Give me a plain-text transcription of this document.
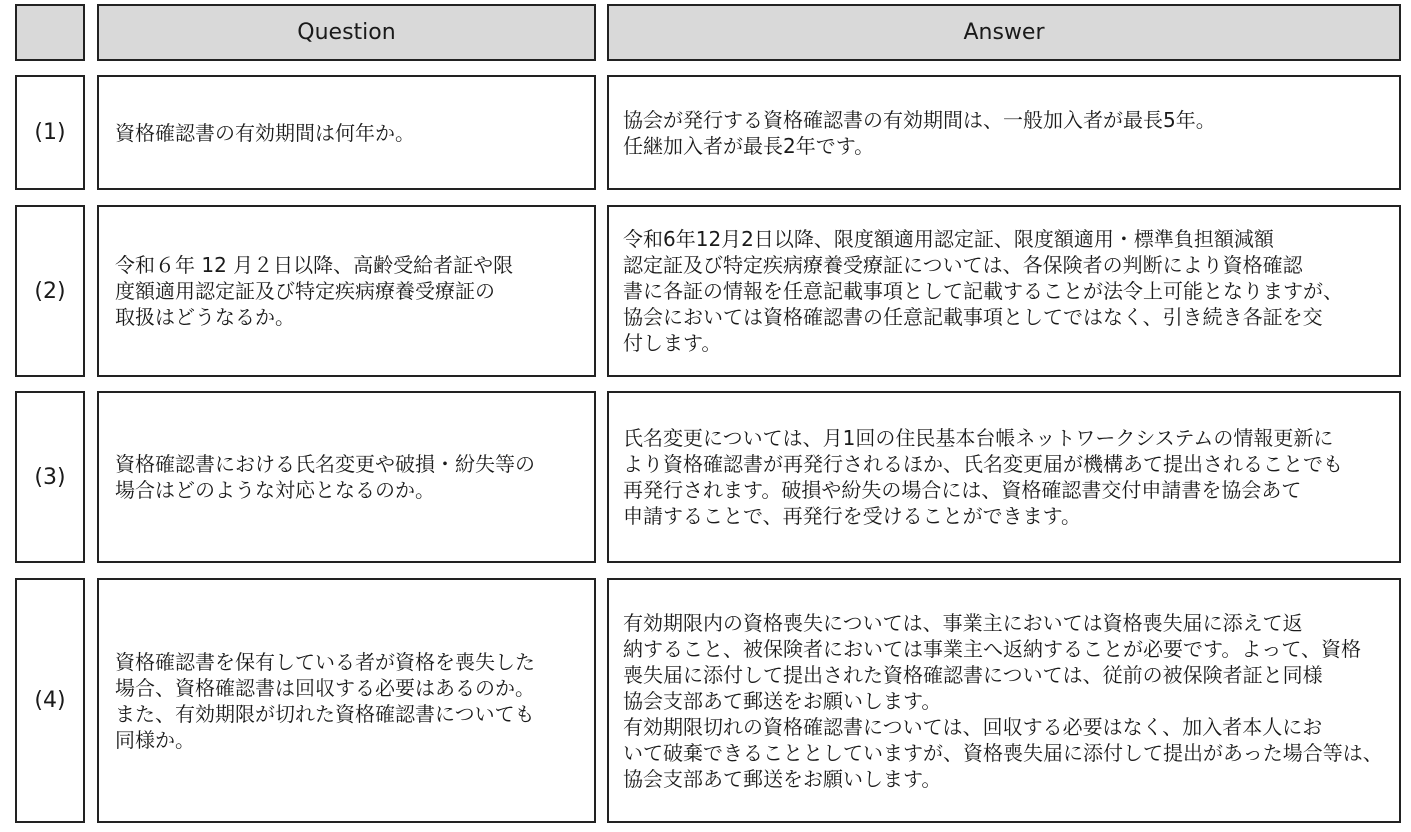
Question	Answer
(1) 資格確認書の有効期間は何年か。
協会が発行する資格確認書の有効期間は、一般加入者が最長5年。
任継加入者が最長2年です。
(2)
令和６年 12 月２日以降、高齢受給者証や限
度額適用認定証及び特定疾病療養受療証の
取扱はどうなるか。
令和6年12月2日以降、限度額適用認定証、限度額適用・標準負担額減額
認定証及び特定疾病療養受療証については、各保険者の判断により資格確認
書に各証の情報を任意記載事項として記載することが法令上可能となりますが、
協会においては資格確認書の任意記載事項としてではなく、引き続き各証を交
付します。
(3)
資格確認書における氏名変更や破損・紛失等の
場合はどのような対応となるのか。
氏名変更については、月1回の住民基本台帳ネットワークシステムの情報更新に
より資格確認書が再発行されるほか、氏名変更届が機構あて提出されることでも
再発行されます。破損や紛失の場合には、資格確認書交付申請書を協会あて
申請することで、再発行を受けることができます。
(4)
資格確認書を保有している者が資格を喪失した
場合、資格確認書は回収する必要はあるのか。
また、有効期限が切れた資格確認書についても
同様か。
有効期限内の資格喪失については、事業主においては資格喪失届に添えて返
納すること、被保険者においては事業主へ返納することが必要です。よって、資格
喪失届に添付して提出された資格確認書については、従前の被保険者証と同様
協会支部あて郵送をお願いします。
有効期限切れの資格確認書については、回収する必要はなく、加入者本人にお
いて破棄できることとしていますが、資格喪失届に添付して提出があった場合等は、
協会支部あて郵送をお願いします。
